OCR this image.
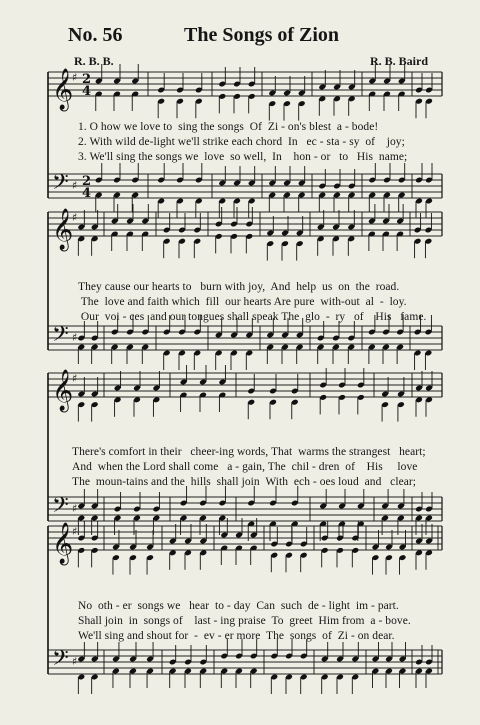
No. 56	The Songs of Zion
R. B. B.	R. B. Baird
𝄞
𝄢
♯
♯
2
4
2
4
𝄞
𝄢
♯
♯
𝄞
𝄢
♯
♯
𝄞
𝄢
♯
♯
1. O how we love to  sing the songs  Of  Zi - on's blest  a - bode!
2. With wild de-light we'll strike each chord  In   ec - sta - sy  of    joy;
3. We'll sing the songs we  love  so well,  In    hon - or   to   His  name;
They cause our hearts to   burn with joy,  And  help  us  on  the  road.
The  love and faith which  fill  our hearts Are pure  with-out  al  -  loy.
Our  voi - ces  and our tongues shall speak The  glo  -  ry   of    His   fame.
There's comfort in their   cheer-ing words, That  warms the strangest   heart;
And  when the Lord shall come   a - gain, The  chil - dren  of    His     love
The  moun-tains and the  hills  shall join  With  ech - oes loud  and   clear;
No  oth - er  songs we   hear  to - day  Can  such  de - light  im - part.
Shall join  in  songs of    last - ing praise  To  greet  Him from  a - bove.
We'll sing and shout for  -  ev - er more  The  songs  of  Zi - on dear.
